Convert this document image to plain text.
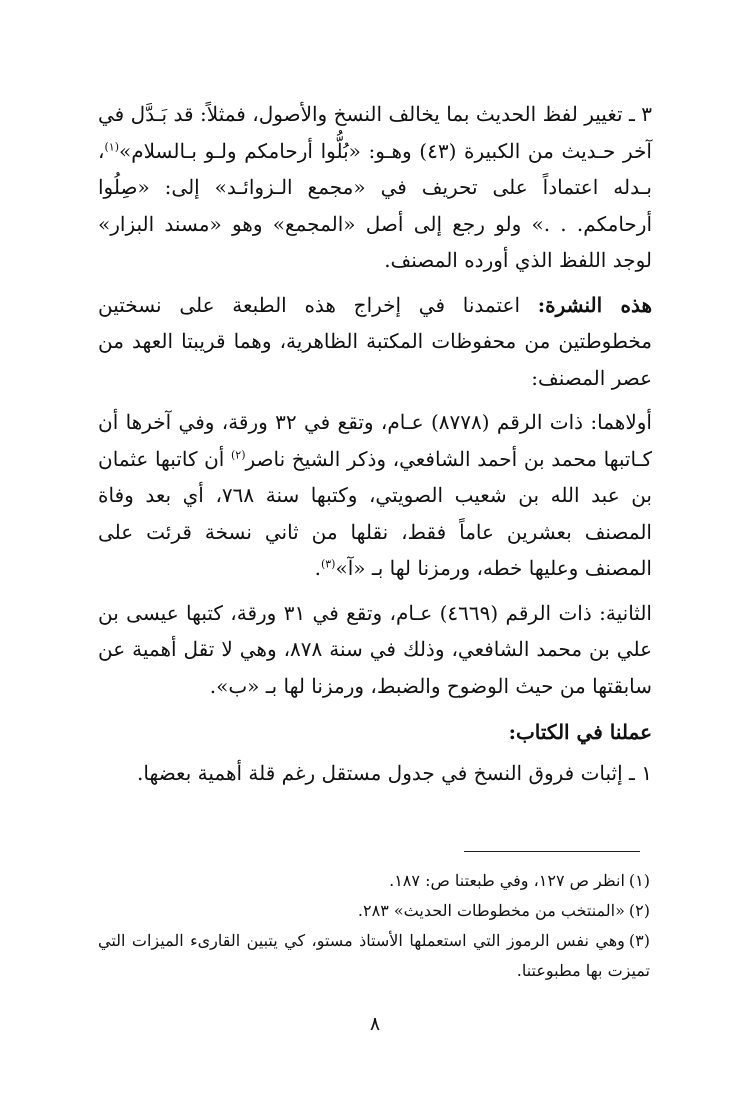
٣ ـ تغيير لفظ الحديث بما يخالف النسخ والأصول، فمثلاً: قد بَـدَّل في آخر حـديث من الكبيرة (٤٣) وهـو: «بُلُّوا أرحامكم ولـو بـالسلام»$^{(١)}$، بـدله اعتماداً على تحريف في «مجمع الـزوائـد» إلى: «صِلُوا أرحامكم. . .» ولو رجع إلى أصل «المجمع» وهو «مسند البزار» لوجد اللفظ الذي أورده المصنف.

هذه النشرة: اعتمدنا في إخراج هذه الطبعة على نسختين مخطوطتين من محفوظات المكتبة الظاهرية، وهما قريبتا العهد من عصر المصنف:

أولاهما: ذات الرقم (٨٧٧٨) عـام، وتقع في ٣٢ ورقة، وفي آخرها أن كـاتبها محمد بن أحمد الشافعي، وذكر الشيخ ناصر$^{(٢)}$ أن كاتبها عثمان بن عبد الله بن شعيب الصويتي، وكتبها سنة ٧٦٨، أي بعد وفاة المصنف بعشرين عاماً فقط، نقلها من ثاني نسخة قرئت على المصنف وعليها خطه، ورمزنا لها بـ «آ»$^{(٣)}$.

الثانية: ذات الرقم (٤٦٦٩) عـام، وتقع في ٣١ ورقة، كتبها عيسى بن علي بن محمد الشافعي، وذلك في سنة ٨٧٨، وهي لا تقل أهمية عن سابقتها من حيث الوضوح والضبط، ورمزنا لها بـ «ب».

عملنا في الكتاب:

١ ـ إثبات فروق النسخ في جدول مستقل رغم قلة أهمية بعضها.

(١)انظر ص ١٢٧، وفي طبعتنا ص: ١٨٧.

(٢)«المنتخب من مخطوطات الحديث» ٢٨٣.

(٣)وهي نفس الرموز التي استعملها الأستاذ مستو، كي يتبين القارىء الميزات التي تميزت بها مطبوعتنا.

٨
